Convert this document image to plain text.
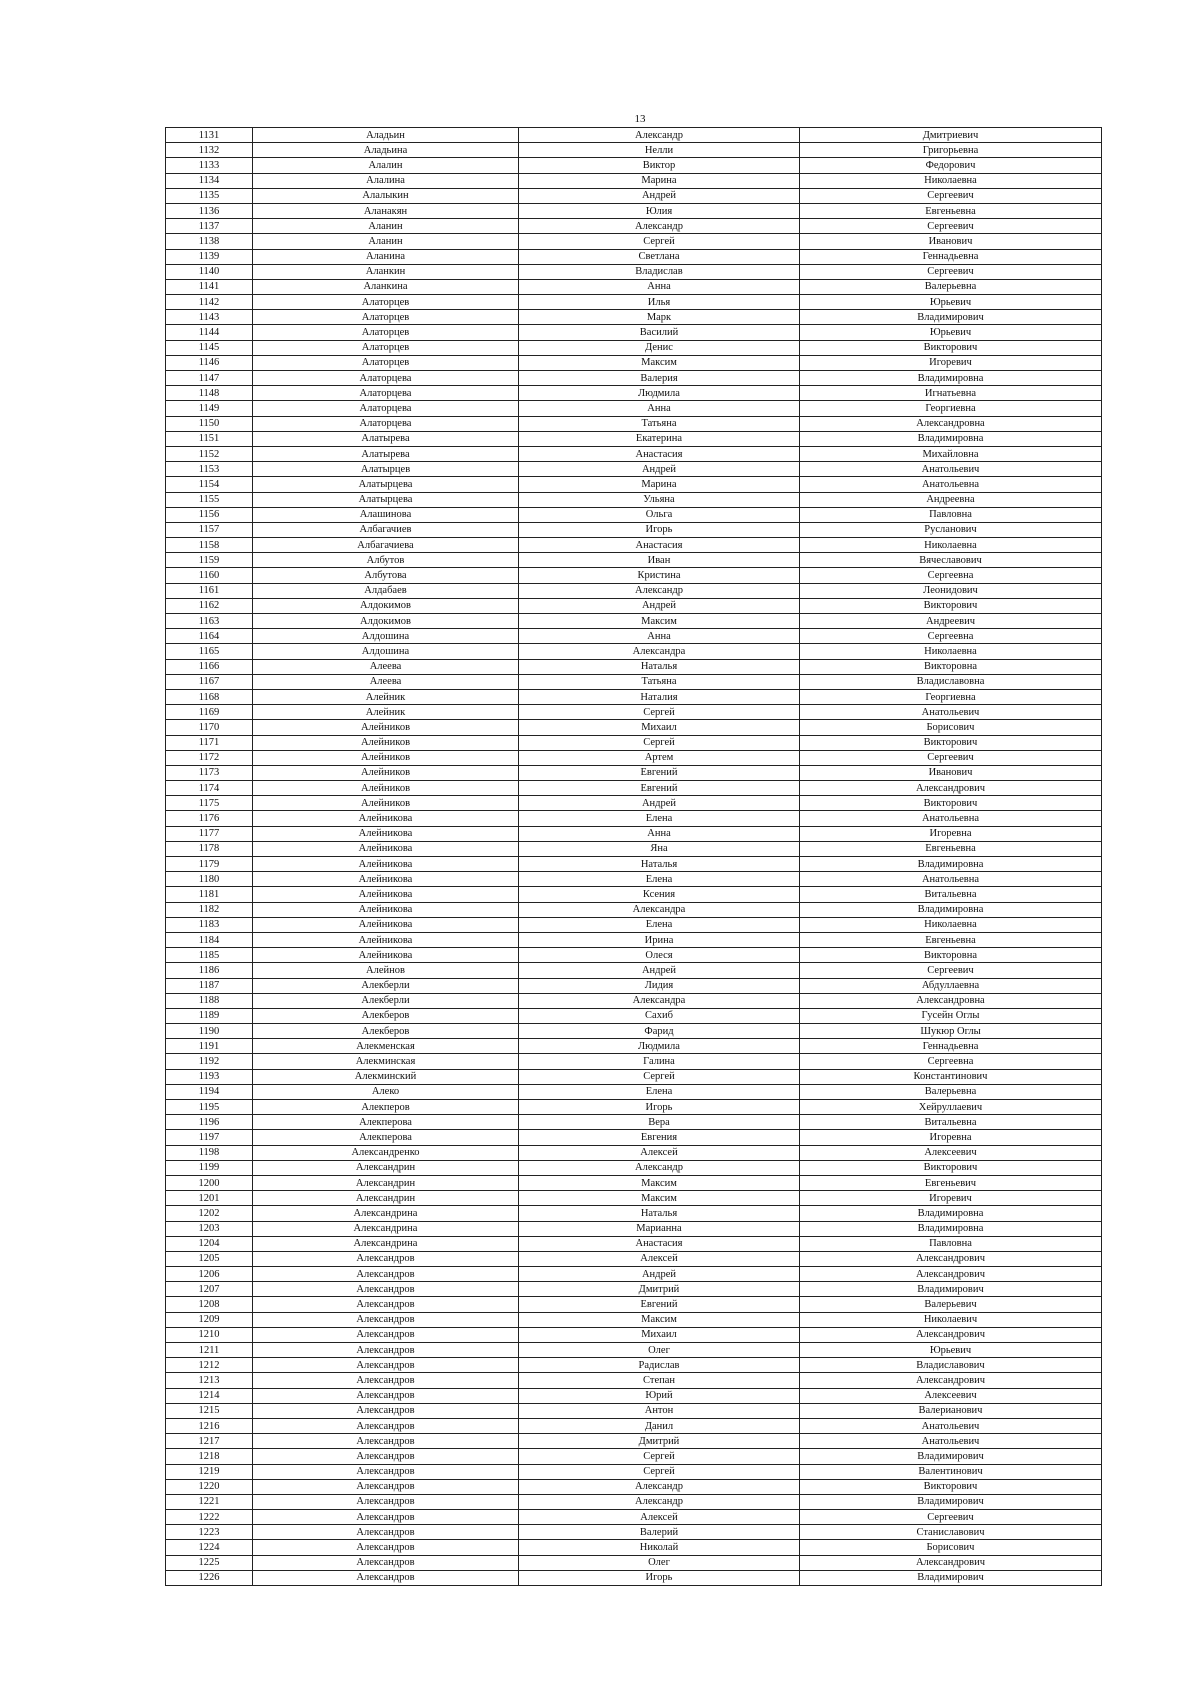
13
1131	Аладьин	Александр	Дмитриевич
1132	Аладьина	Нелли	Григорьевна
1133	Алалин	Виктор	Федорович
1134	Алалина	Марина	Николаевна
1135	Алалыкин	Андрей	Сергеевич
1136	Аланакян	Юлия	Евгеньевна
1137	Аланин	Александр	Сергеевич
1138	Аланин	Сергей	Иванович
1139	Аланина	Светлана	Геннадьевна
1140	Аланкин	Владислав	Сергеевич
1141	Аланкина	Анна	Валерьевна
1142	Алаторцев	Илья	Юрьевич
1143	Алаторцев	Марк	Владимирович
1144	Алаторцев	Василий	Юрьевич
1145	Алаторцев	Денис	Викторович
1146	Алаторцев	Максим	Игоревич
1147	Алаторцева	Валерия	Владимировна
1148	Алаторцева	Людмила	Игнатьевна
1149	Алаторцева	Анна	Георгиевна
1150	Алаторцева	Татьяна	Александровна
1151	Алатырева	Екатерина	Владимировна
1152	Алатырева	Анастасия	Михайловна
1153	Алатырцев	Андрей	Анатольевич
1154	Алатырцева	Марина	Анатольевна
1155	Алатырцева	Ульяна	Андреевна
1156	Алашинова	Ольга	Павловна
1157	Албагачиев	Игорь	Русланович
1158	Албагачиева	Анастасия	Николаевна
1159	Албутов	Иван	Вячеславович
1160	Албутова	Кристина	Сергеевна
1161	Алдабаев	Александр	Леонидович
1162	Алдокимов	Андрей	Викторович
1163	Алдокимов	Максим	Андреевич
1164	Алдошина	Анна	Сергеевна
1165	Алдошина	Александра	Николаевна
1166	Алеева	Наталья	Викторовна
1167	Алеева	Татьяна	Владиславовна
1168	Алейник	Наталия	Георгиевна
1169	Алейник	Сергей	Анатольевич
1170	Алейников	Михаил	Борисович
1171	Алейников	Сергей	Викторович
1172	Алейников	Артем	Сергеевич
1173	Алейников	Евгений	Иванович
1174	Алейников	Евгений	Александрович
1175	Алейников	Андрей	Викторович
1176	Алейникова	Елена	Анатольевна
1177	Алейникова	Анна	Игоревна
1178	Алейникова	Яна	Евгеньевна
1179	Алейникова	Наталья	Владимировна
1180	Алейникова	Елена	Анатольевна
1181	Алейникова	Ксения	Витальевна
1182	Алейникова	Александра	Владимировна
1183	Алейникова	Елена	Николаевна
1184	Алейникова	Ирина	Евгеньевна
1185	Алейникова	Олеся	Викторовна
1186	Алейнов	Андрей	Сергеевич
1187	Алекберли	Лидия	Абдуллаевна
1188	Алекберли	Александра	Александровна
1189	Алекберов	Сахиб	Гусейн Оглы
1190	Алекберов	Фарид	Шукюр Оглы
1191	Алекменская	Людмила	Геннадьевна
1192	Алекминская	Галина	Сергеевна
1193	Алекминский	Сергей	Константинович
1194	Алеко	Елена	Валерьевна
1195	Алекперов	Игорь	Хейруллаевич
1196	Алекперова	Вера	Витальевна
1197	Алекперова	Евгения	Игоревна
1198	Александренко	Алексей	Алексеевич
1199	Александрин	Александр	Викторович
1200	Александрин	Максим	Евгеньевич
1201	Александрин	Максим	Игоревич
1202	Александрина	Наталья	Владимировна
1203	Александрина	Марианна	Владимировна
1204	Александрина	Анастасия	Павловна
1205	Александров	Алексей	Александрович
1206	Александров	Андрей	Александрович
1207	Александров	Дмитрий	Владимирович
1208	Александров	Евгений	Валерьевич
1209	Александров	Максим	Николаевич
1210	Александров	Михаил	Александрович
1211	Александров	Олег	Юрьевич
1212	Александров	Радислав	Владиславович
1213	Александров	Степан	Александрович
1214	Александров	Юрий	Алексеевич
1215	Александров	Антон	Валерианович
1216	Александров	Данил	Анатольевич
1217	Александров	Дмитрий	Анатольевич
1218	Александров	Сергей	Владимирович
1219	Александров	Сергей	Валентинович
1220	Александров	Александр	Викторович
1221	Александров	Александр	Владимирович
1222	Александров	Алексей	Сергеевич
1223	Александров	Валерий	Станиславович
1224	Александров	Николай	Борисович
1225	Александров	Олег	Александрович
1226	Александров	Игорь	Владимирович
